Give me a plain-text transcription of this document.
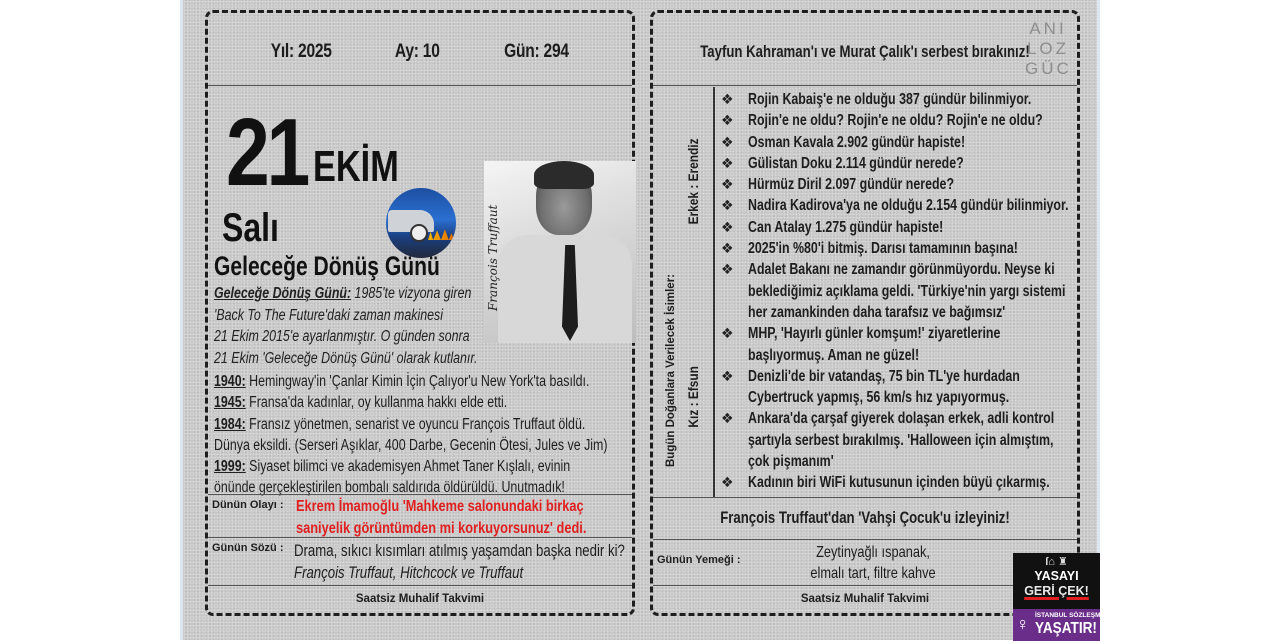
Yıl: 2025	Ay: 10	Gün: 294
21 EKİM
Salı
Geleceğe Dönüş Günü	François Truffaut
Geleceğe Dönüş Günü: 1985'te vizyona giren
'Back To The Future'daki zaman makinesi
21 Ekim 2015'e ayarlanmıştır. O günden sonra
21 Ekim 'Geleceğe Dönüş Günü' olarak kutlanır.
1940: Hemingway'in 'Çanlar Kimin İçin Çalıyor'u New York'ta basıldı.
1945: Fransa'da kadınlar, oy kullanma hakkı elde etti.
1984: Fransız yönetmen, senarist ve oyuncu François Truffaut öldü.
Dünya eksildi. (Serseri Aşıklar, 400 Darbe, Gecenin Ötesi, Jules ve Jim)
1999: Siyaset bilimci ve akademisyen Ahmet Taner Kışlalı, evinin
önünde gerçekleştirilen bombalı saldırıda öldürüldü. Unutmadık!
Dünün Olayı : Ekrem İmamoğlu 'Mahkeme salonundaki birkaç
saniyelik görüntümden mi korkuyorsunuz' dedi.
Günün Sözü : Drama, sıkıcı kısımları atılmış yaşamdan başka nedir ki?
François Truffaut, Hitchcock ve Truffaut
Saatsiz Muhalif Takvimi
Tayfun Kahraman'ı ve Murat Çalık'ı serbest bırakınız!
ANI
LOZ
GÜC
Bugün Doğanlara Verilecek İsimler:
Erkek : Erendiz
Kız : Efsun
❖ Rojin Kabaiş'e ne olduğu 387 gündür bilinmiyor.
❖ Rojin'e ne oldu? Rojin'e ne oldu? Rojin'e ne oldu?
❖ Osman Kavala 2.902 gündür hapiste!
❖ Gülistan Doku 2.114 gündür nerede?
❖ Hürmüz Diril 2.097 gündür nerede?
❖ Nadira Kadirova'ya ne olduğu 2.154 gündür bilinmiyor.
❖ Can Atalay 1.275 gündür hapiste!
❖ 2025'in %80'i bitmiş. Darısı tamamının başına!
❖ Adalet Bakanı ne zamandır görünmüyordu. Neyse ki
beklediğimiz açıklama geldi. 'Türkiye'nin yargı sistemi
her zamankinden daha tarafsız ve bağımsız'
❖ MHP, 'Hayırlı günler komşum!' ziyaretlerine
başlıyormuş. Aman ne güzel!
❖ Denizli'de bir vatandaş, 75 bin TL'ye hurdadan
Cybertruck yapmış, 56 km/s hız yapıyormuş.
❖ Ankara'da çarşaf giyerek dolaşan erkek, adli kontrol
şartıyla serbest bırakılmış. 'Halloween için almıştım,
çok pişmanım'
❖ Kadının biri WiFi kutusunun içinden büyü çıkarmış.
François Truffaut'dan 'Vahşi Çocuk'u izleyiniz!
Günün Yemeği :	Zeytinyağlı ıspanak,
elmalı tart, filtre kahve
Saatsiz Muhalif Takvimi
ſ⌂ ♜
YASAYI
GERİ ÇEK!
♀ İSTANBUL SÖZLEŞMESİ
YAŞATIR!
